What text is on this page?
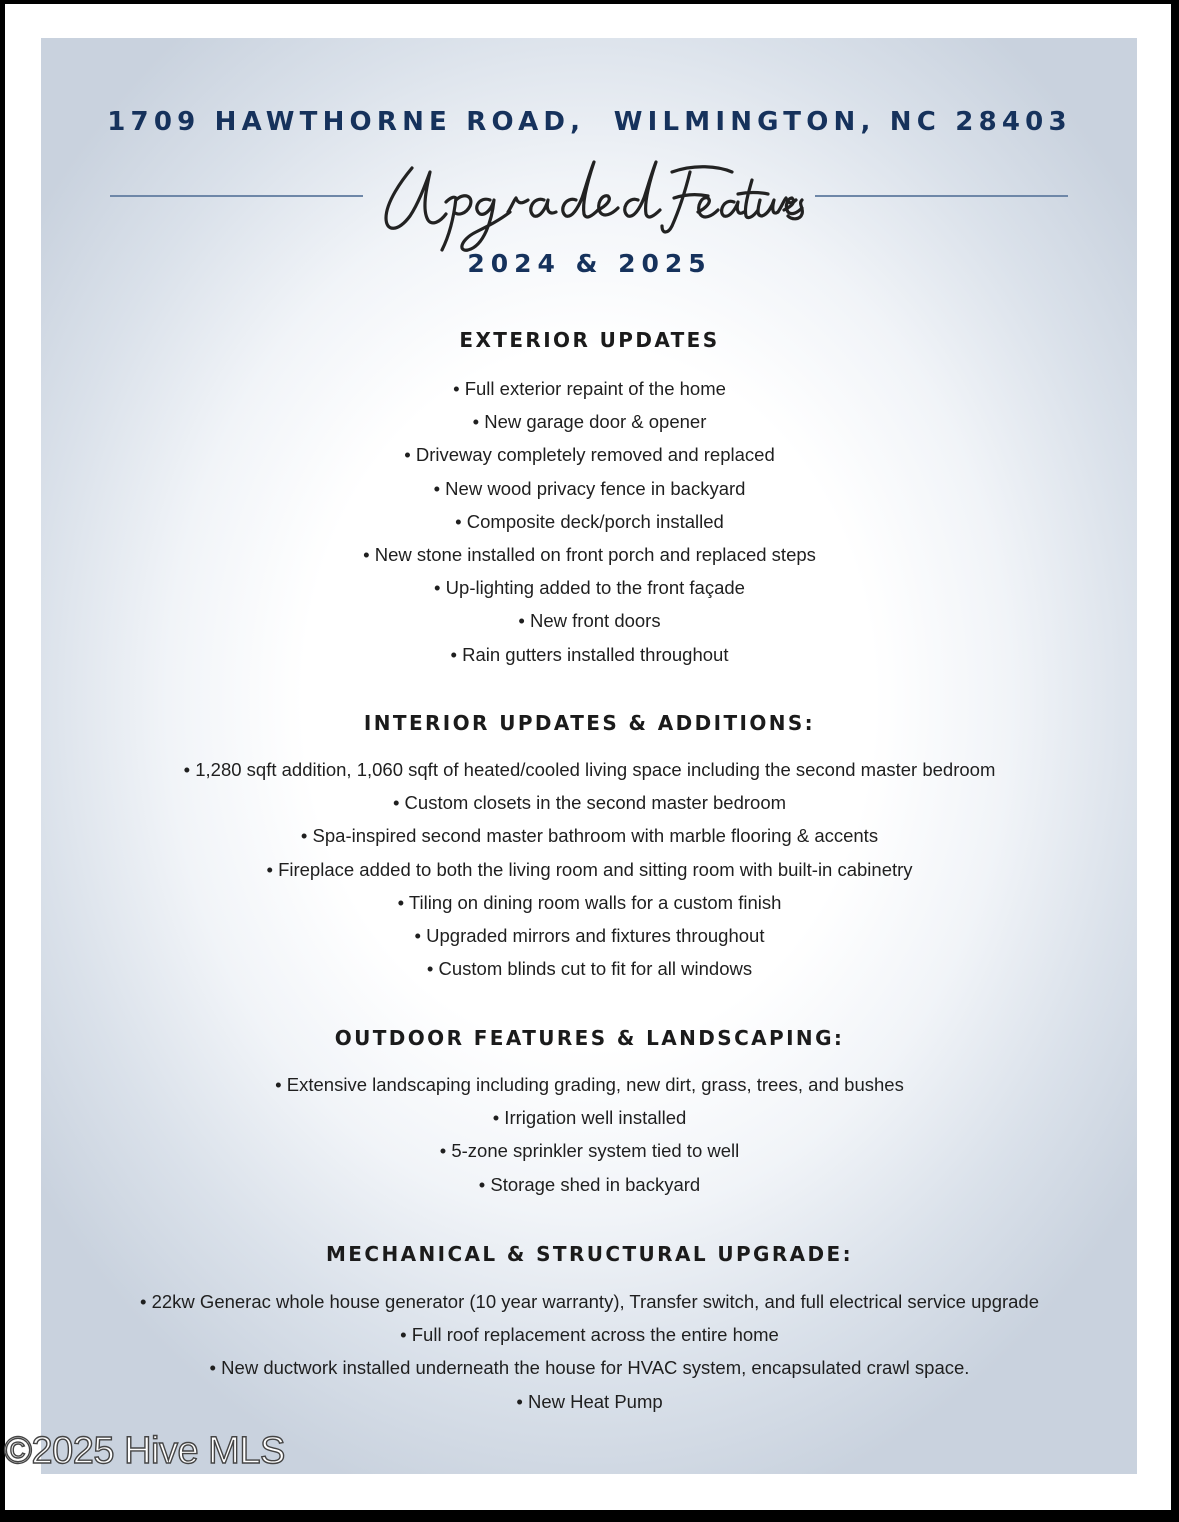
1709 HAWTHORNE ROAD,  WILMINGTON, NC 28403
2024 & 2025
EXTERIOR UPDATES
• Full exterior repaint of the home
• New garage door & opener
• Driveway completely removed and replaced
• New wood privacy fence in backyard
• Composite deck/porch installed
• New stone installed on front porch and replaced steps
• Up-lighting added to the front façade
• New front doors
• Rain gutters installed throughout
INTERIOR UPDATES & ADDITIONS:
• 1,280 sqft addition, 1,060 sqft of heated/cooled living space including the second master bedroom
• Custom closets in the second master bedroom
• Spa-inspired second master bathroom with marble flooring & accents
• Fireplace added to both the living room and sitting room with built-in cabinetry
• Tiling on dining room walls for a custom finish
• Upgraded mirrors and fixtures throughout
• Custom blinds cut to fit for all windows
OUTDOOR FEATURES & LANDSCAPING:
• Extensive landscaping including grading, new dirt, grass, trees, and bushes
• Irrigation well installed
• 5-zone sprinkler system tied to well
• Storage shed in backyard
MECHANICAL & STRUCTURAL UPGRADE:
• 22kw Generac whole house generator (10 year warranty), Transfer switch, and full electrical service upgrade
• Full roof replacement across the entire home
• New ductwork installed underneath the house for HVAC system, encapsulated crawl space.
• New Heat Pump
©2025 Hive MLS
